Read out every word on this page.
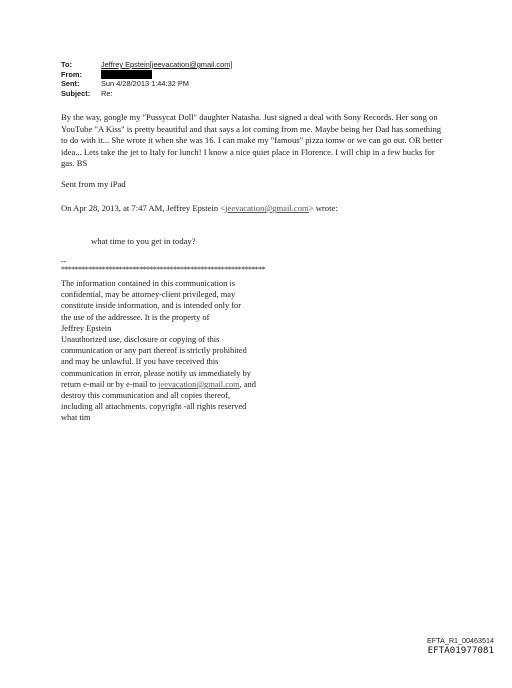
To:	Jeffrey Epstein[jeevacation@gmail.com]
From:
Sent:	Sun 4/28/2013 1:44:32 PM
Subject:	Re:

By the way, google my "Pussycat Doll" daughter Natasha. Just signed a deal with Sony Records. Her song on YouTube "A Kiss" is pretty beautiful and that says a lot coming from me. Maybe being her Dad has something to do with it... She wrote it when she was 16. I can make my "famous" pizza tomw or we can go out. OR better idea... Lets take the jet to Italy for lunch! I know a nice quiet place in Florence. I will chip in a few bucks for gas. BS

Sent from my iPad

On Apr 28, 2013, at 7:47 AM, Jeffrey Epstein <jeevacation@gmail.com> wrote:

what time to you get in today?

--

************************************************************

The information contained in this communication is
confidential, may be attorney-client privileged, may
constitute inside information, and is intended only for
the use of the addressee. It is the property of
Jeffrey Epstein
Unauthorized use, disclosure or copying of this
communication or any part thereof is strictly prohibited
and may be unlawful. If you have received this
communication in error, please notify us immediately by
return e-mail or by e-mail to jeevacation@gmail.com, and
destroy this communication and all copies thereof,
including all attachments. copyright -all rights reserved
what tim

EFTA_R1_00463514
EFTA01977081
